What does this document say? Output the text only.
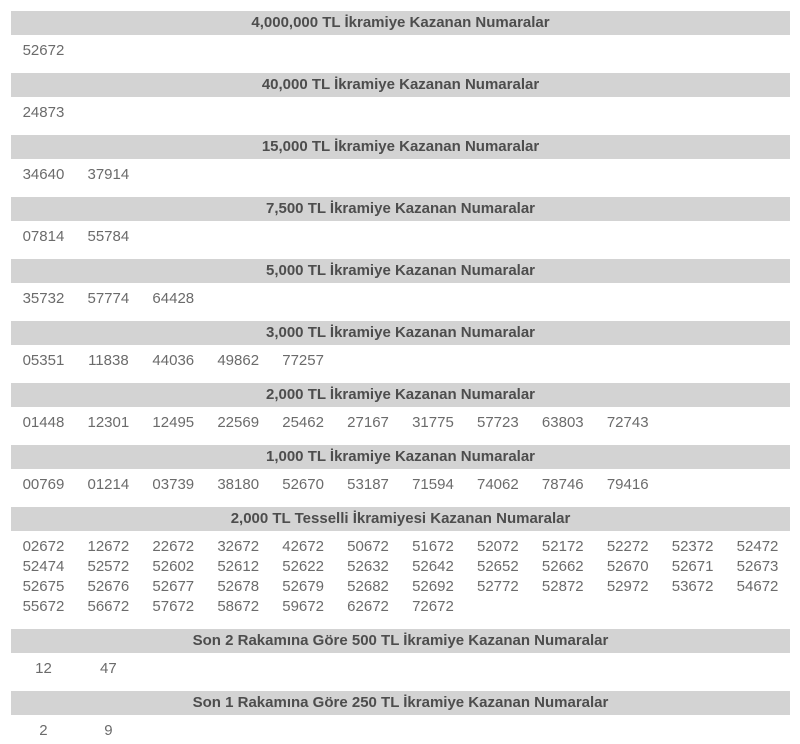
4,000,000 TL İkramiye Kazanan Numaralar
52672
40,000 TL İkramiye Kazanan Numaralar
24873
15,000 TL İkramiye Kazanan Numaralar
34640	37914
7,500 TL İkramiye Kazanan Numaralar
07814	55784
5,000 TL İkramiye Kazanan Numaralar
35732	57774	64428
3,000 TL İkramiye Kazanan Numaralar
05351	11838	44036	49862	77257
2,000 TL İkramiye Kazanan Numaralar
01448	12301	12495	22569	25462	27167	31775	57723	63803	72743
1,000 TL İkramiye Kazanan Numaralar
00769	01214	03739	38180	52670	53187	71594	74062	78746	79416
2,000 TL Tesselli İkramiyesi Kazanan Numaralar
02672	12672	22672	32672	42672	50672	51672	52072	52172	52272	52372	52472
52474	52572	52602	52612	52622	52632	52642	52652	52662	52670	52671	52673
52675	52676	52677	52678	52679	52682	52692	52772	52872	52972	53672	54672
55672	56672	57672	58672	59672	62672	72672
Son 2 Rakamına Göre 500 TL İkramiye Kazanan Numaralar
12	47
Son 1 Rakamına Göre 250 TL İkramiye Kazanan Numaralar
2	9
